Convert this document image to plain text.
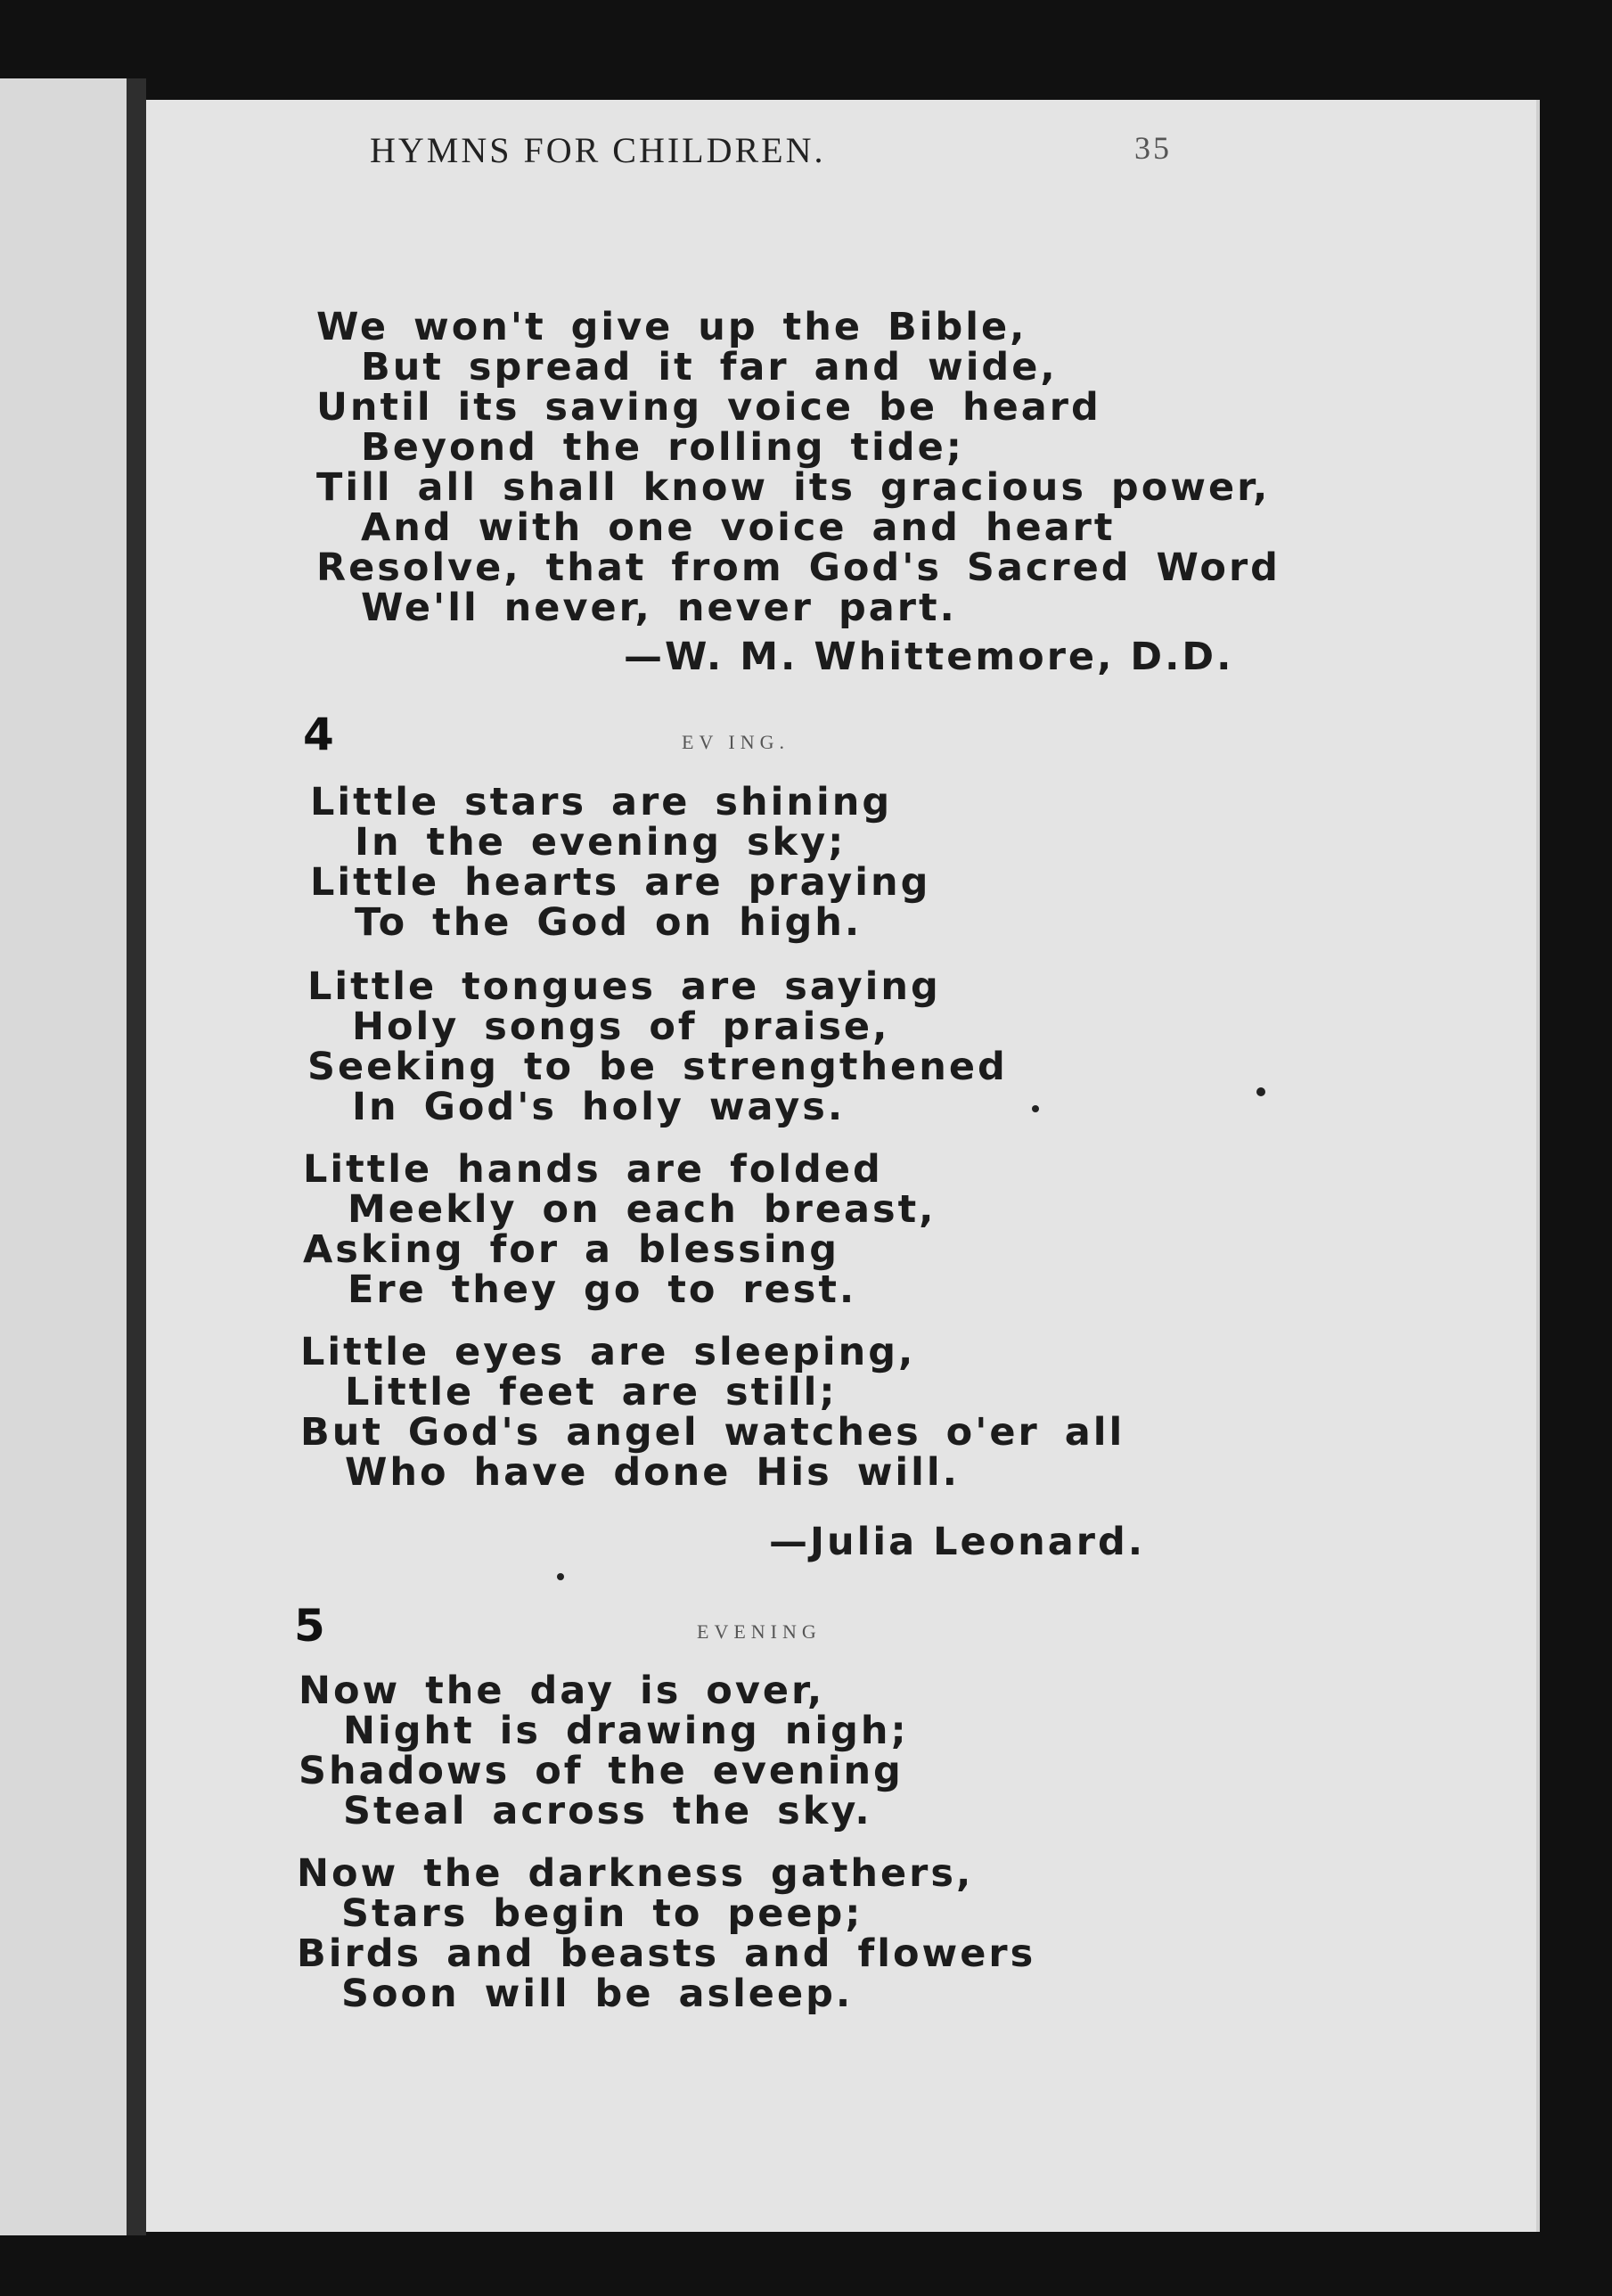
HYMNS FOR CHILDREN.	35
We won't give up the Bible,
But spread it far and wide,
Until its saving voice be heard
Beyond the rolling tide;
Till all shall know its gracious power,
And with one voice and heart
Resolve, that from God's Sacred Word
We'll never, never part.
—W. M. Whittemore, D.D.
4	EV ING.
Little stars are shining
In the evening sky;
Little hearts are praying
To the God on high.
Little tongues are saying
Holy songs of praise,
Seeking to be strengthened
In God's holy ways.
Little hands are folded
Meekly on each breast,
Asking for a blessing
Ere they go to rest.
Little eyes are sleeping,
Little feet are still;
But God's angel watches o'er all
Who have done His will.
—Julia Leonard.
5	EVENING
Now the day is over,
Night is drawing nigh;
Shadows of the evening
Steal across the sky.
Now the darkness gathers,
Stars begin to peep;
Birds and beasts and flowers
Soon will be asleep.
